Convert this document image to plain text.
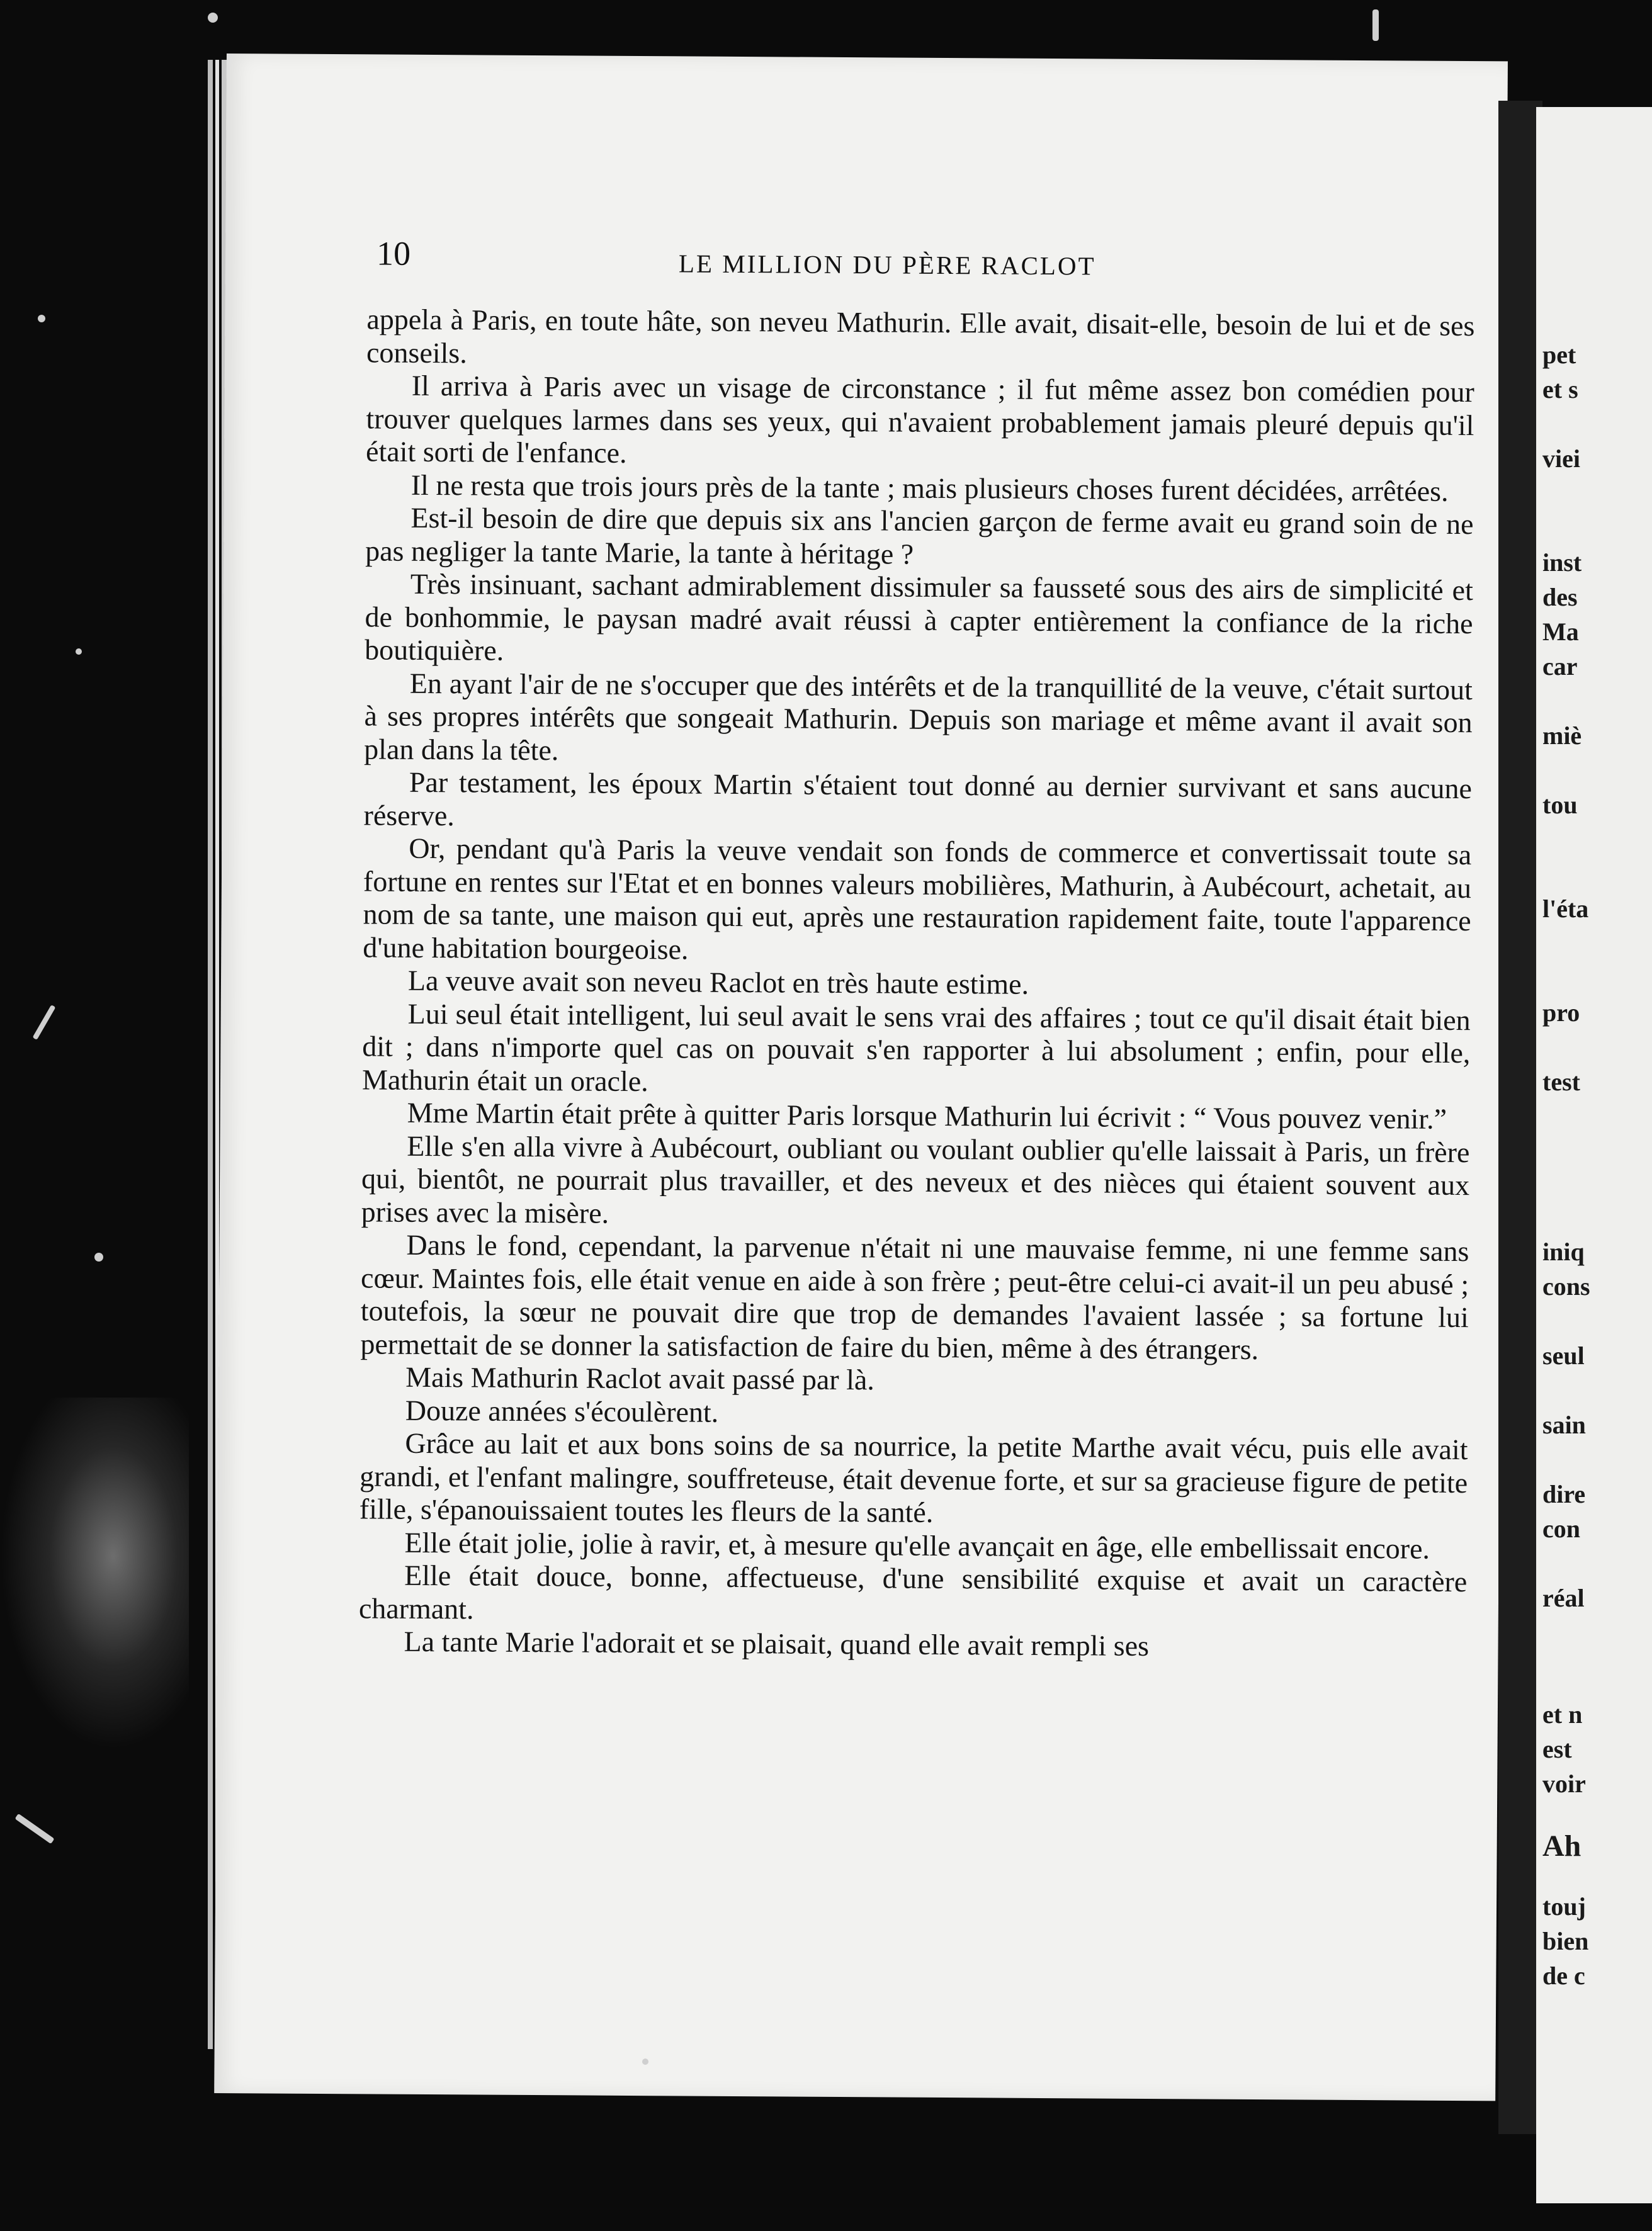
10	LE MILLION DU PÈRE RACLOT

appela à Paris, en toute hâte, son neveu Mathurin. Elle avait, disait-elle, besoin de lui et de ses conseils.

Il arriva à Paris avec un visage de circonstance ; il fut même assez bon comédien pour trouver quelques larmes dans ses yeux, qui n'avaient probablement jamais pleuré depuis qu'il était sorti de l'enfance.

Il ne resta que trois jours près de la tante ; mais plusieurs choses furent décidées, arrêtées.

Est-il besoin de dire que depuis six ans l'ancien garçon de ferme avait eu grand soin de ne pas negliger la tante Marie, la tante à héritage ?

Très insinuant, sachant admirablement dissimuler sa fausseté sous des airs de simplicité et de bonhommie, le paysan madré avait réussi à capter entièrement la confiance de la riche boutiquière.

En ayant l'air de ne s'occuper que des intérêts et de la tranquillité de la veuve, c'était surtout à ses propres intérêts que songeait Mathurin. Depuis son mariage et même avant il avait son plan dans la tête.

Par testament, les époux Martin s'étaient tout donné au dernier survivant et sans aucune réserve.

Or, pendant qu'à Paris la veuve vendait son fonds de commerce et convertissait toute sa fortune en rentes sur l'Etat et en bonnes valeurs mobilières, Mathurin, à Aubécourt, achetait, au nom de sa tante, une maison qui eut, après une restauration rapidement faite, toute l'apparence d'une habitation bourgeoise.

La veuve avait son neveu Raclot en très haute estime.

Lui seul était intelligent, lui seul avait le sens vrai des affaires ; tout ce qu'il disait était bien dit ; dans n'importe quel cas on pouvait s'en rapporter à lui absolument ; enfin, pour elle, Mathurin était un oracle.

Mme Martin était prête à quitter Paris lorsque Mathurin lui écrivit : “ Vous pouvez venir.”

Elle s'en alla vivre à Aubécourt, oubliant ou voulant oublier qu'elle laissait à Paris, un frère qui, bientôt, ne pourrait plus travailler, et des neveux et des nièces qui étaient souvent aux prises avec la misère.

Dans le fond, cependant, la parvenue n'était ni une mauvaise femme, ni une femme sans cœur. Maintes fois, elle était venue en aide à son frère ; peut-être celui-ci avait-il un peu abusé ; toutefois, la sœur ne pouvait dire que trop de demandes l'avaient lassée ; sa fortune lui permettait de se donner la satisfaction de faire du bien, même à des étrangers.

Mais Mathurin Raclot avait passé par là.

Douze années s'écoulèrent.

Grâce au lait et aux bons soins de sa nourrice, la petite Marthe avait vécu, puis elle avait grandi, et l'enfant malingre, souffreteuse, était devenue forte, et sur sa gracieuse figure de petite fille, s'épanouissaient toutes les fleurs de la santé.

Elle était jolie, jolie à ravir, et, à mesure qu'elle avançait en âge, elle embellissait encore.

Elle était douce, bonne, affectueuse, d'une sensibilité exquise et avait un caractère charmant.

La tante Marie l'adorait et se plaisait, quand elle avait rempli ses

pet
et s
viei
inst
des
Ma
car
miè
tou
l'éta
pro
test
iniq
cons
seul
sain
dire
con
réal
et n
est
voir
Ah
touj
bien
de c
